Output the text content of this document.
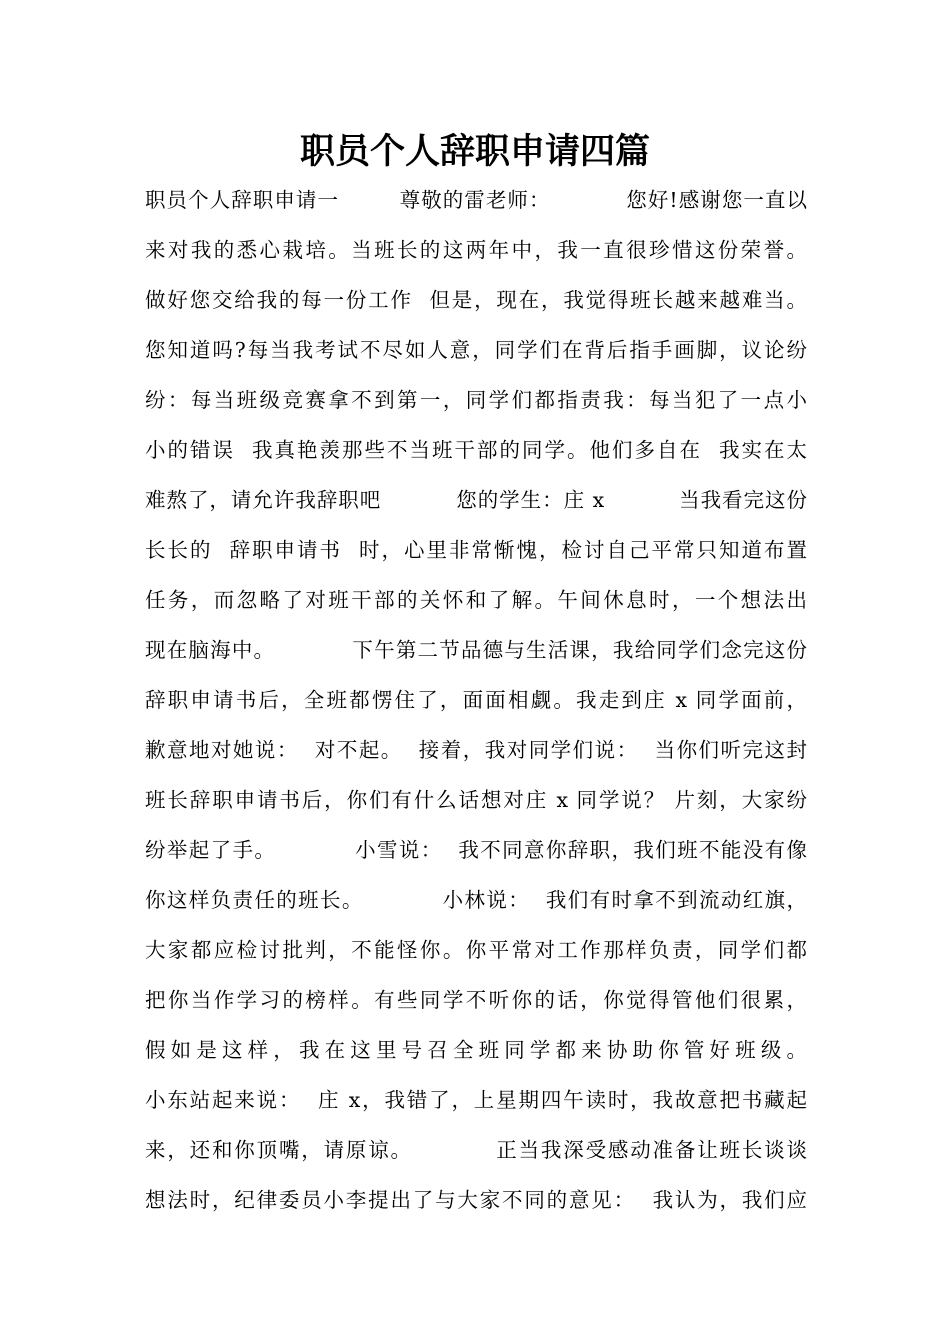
职员个人辞职申请四篇
职员个人辞职申请一        尊敬的雷老师：          您好!感谢您一直以
来对我的悉心栽培。当班长的这两年中，我一直很珍惜这份荣誉。
做好您交给我的每一份工作  但是，现在，我觉得班长越来越难当。
您知道吗?每当我考试不尽如人意，同学们在背后指手画脚，议论纷
纷：每当班级竞赛拿不到第一，同学们都指责我：每当犯了一点小
小的错误  我真艳羡那些不当班干部的同学。他们多自在  我实在太
难熬了，请允许我辞职吧          您的学生：庄 x          当我看完这份
长长的  辞职申请书  时，心里非常惭愧，检讨自己平常只知道布置
任务，而忽略了对班干部的关怀和了解。午间休息时，一个想法出
现在脑海中。          下午第二节品德与生活课，我给同学们念完这份
辞职申请书后，全班都愣住了，面面相觑。我走到庄 x 同学面前，
歉意地对她说：  对不起。  接着，我对同学们说：  当你们听完这封
班长辞职申请书后，你们有什么话想对庄 x 同学说？ 片刻，大家纷
纷举起了手。          小雪说：  我不同意你辞职，我们班不能没有像
你这样负责任的班长。          小林说：  我们有时拿不到流动红旗，
大家都应检讨批判，不能怪你。你平常对工作那样负责，同学们都
把你当作学习的榜样。有些同学不听你的话，你觉得管他们很累，
假如是这样，我在这里号召全班同学都来协助你管好班级。
小东站起来说：  庄 x，我错了，上星期四午读时，我故意把书藏起
来，还和你顶嘴，请原谅。          正当我深受感动准备让班长谈谈
想法时，纪律委员小李提出了与大家不同的意见：  我认为，我们应
